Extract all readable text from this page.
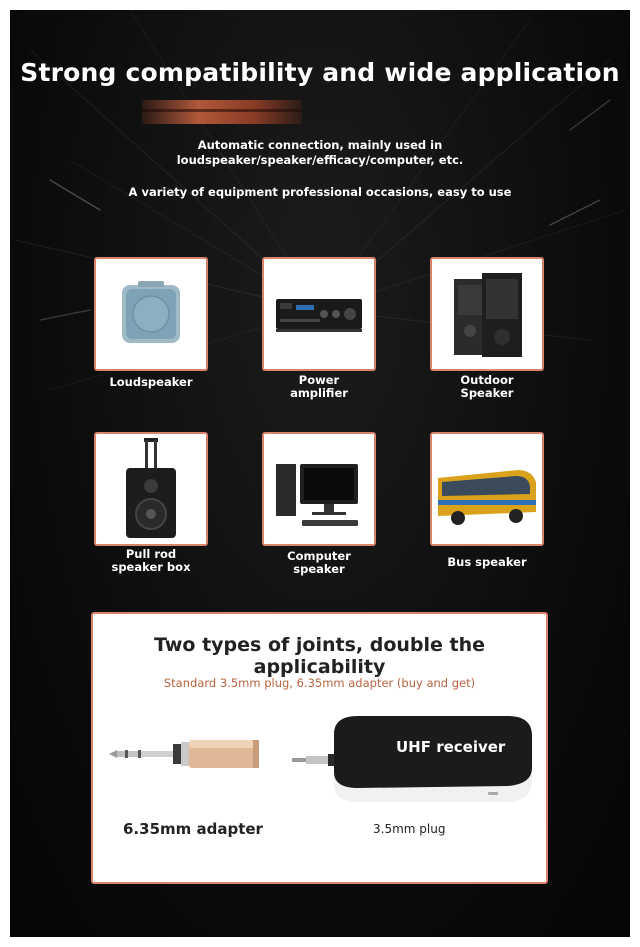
Strong compatibility and wide application
Automatic connection, mainly used in
loudspeaker/speaker/efficacy/computer, etc.
A variety of equipment professional occasions, easy to use
Loudspeaker	Power
amplifier
Outdoor
Speaker
Pull rod
speaker box
Computer
speaker	Bus speaker
Two types of joints, double the applicability
Standard 3.5mm plug, 6.35mm adapter (buy and get)
UHF receiver
6.35mm adapter	3.5mm plug
